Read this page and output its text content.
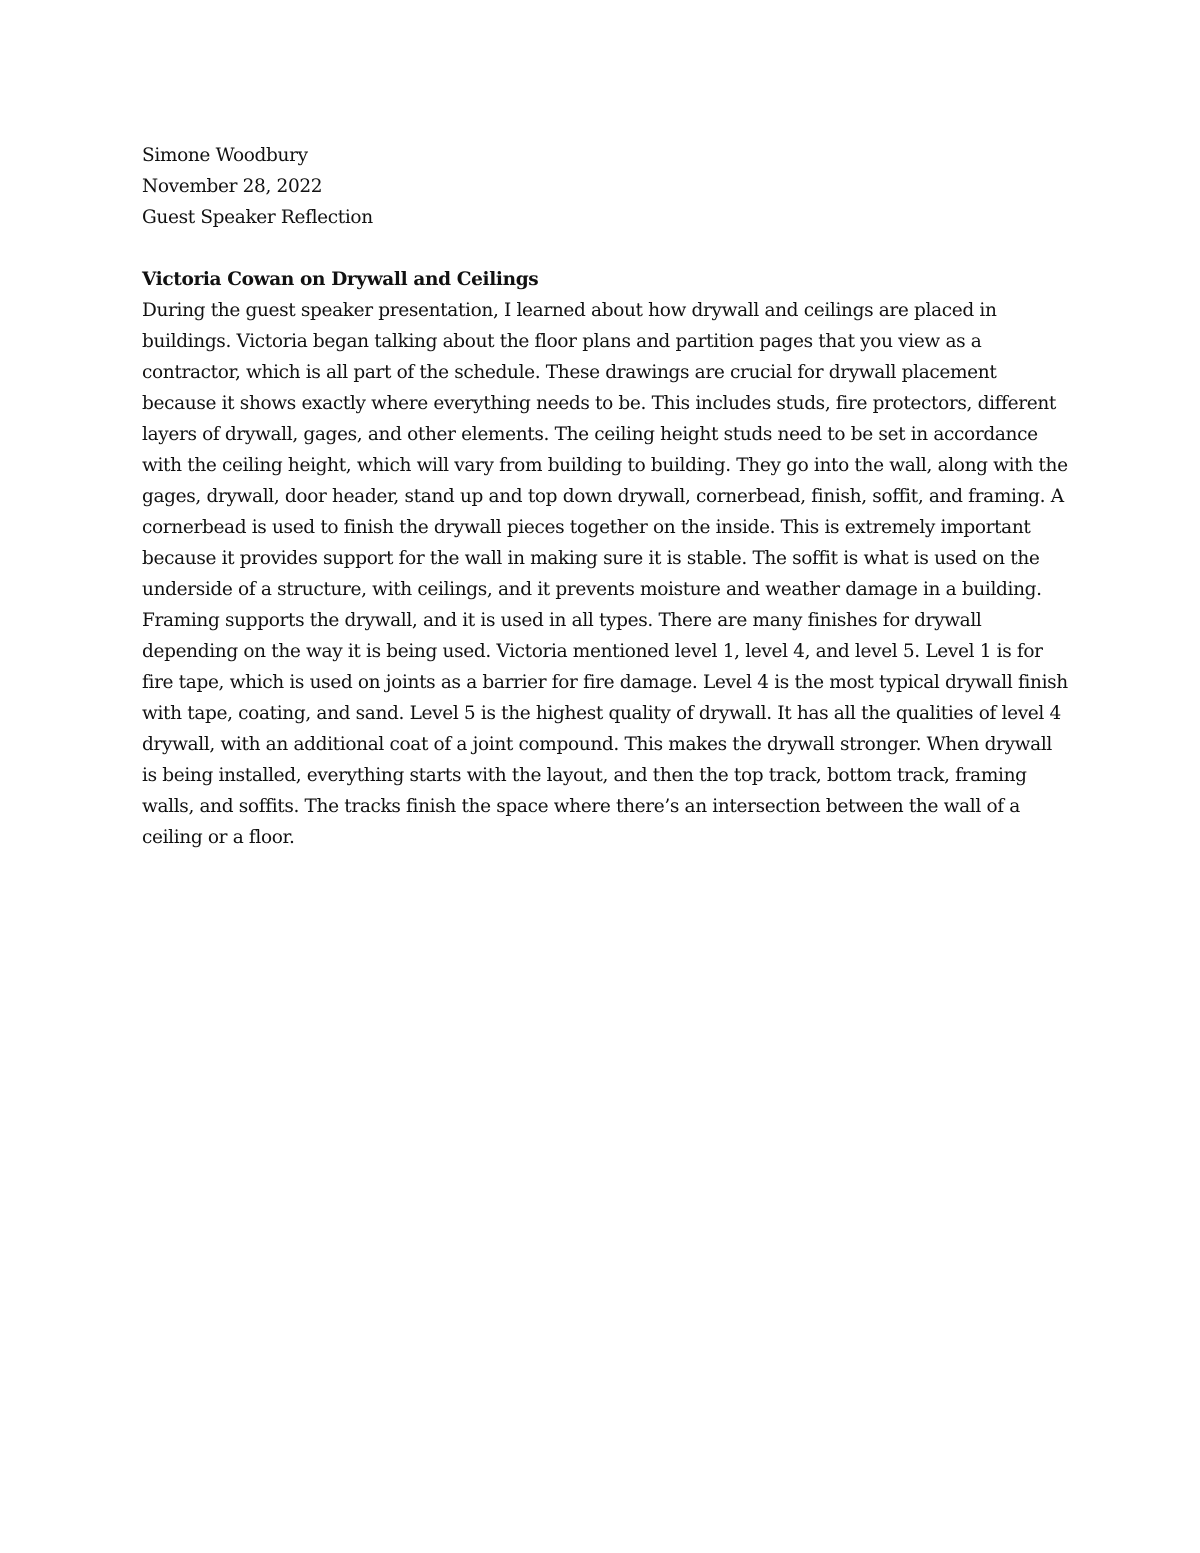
Simone Woodbury
November 28, 2022
Guest Speaker Reflection
Victoria Cowan on Drywall and Ceilings

During the guest speaker presentation, I learned about how drywall and ceilings are placed in buildings. Victoria began talking about the floor plans and partition pages that you view as a contractor, which is all part of the schedule. These drawings are crucial for drywall placement because it shows exactly where everything needs to be. This includes studs, fire protectors, different layers of drywall, gages, and other elements. The ceiling height studs need to be set in accordance with the ceiling height, which will vary from building to building. They go into the wall, along with the gages, drywall, door header, stand up and top down drywall, cornerbead, finish, soffit, and framing. A cornerbead is used to finish the drywall pieces together on the inside. This is extremely important because it provides support for the wall in making sure it is stable. The soffit is what is used on the underside of a structure, with ceilings, and it prevents moisture and weather damage in a building. Framing supports the drywall, and it is used in all types. There are many finishes for drywall depending on the way it is being used. Victoria mentioned level 1, level 4, and level 5. Level 1 is for fire tape, which is used on joints as a barrier for fire damage. Level 4 is the most typical drywall finish with tape, coating, and sand. Level 5 is the highest quality of drywall. It has all the qualities of level 4 drywall, with an additional coat of a joint compound. This makes the drywall stronger. When drywall is being installed, everything starts with the layout, and then the top track, bottom track, framing walls, and soffits. The tracks finish the space where there’s an intersection between the wall of a ceiling or a floor.
